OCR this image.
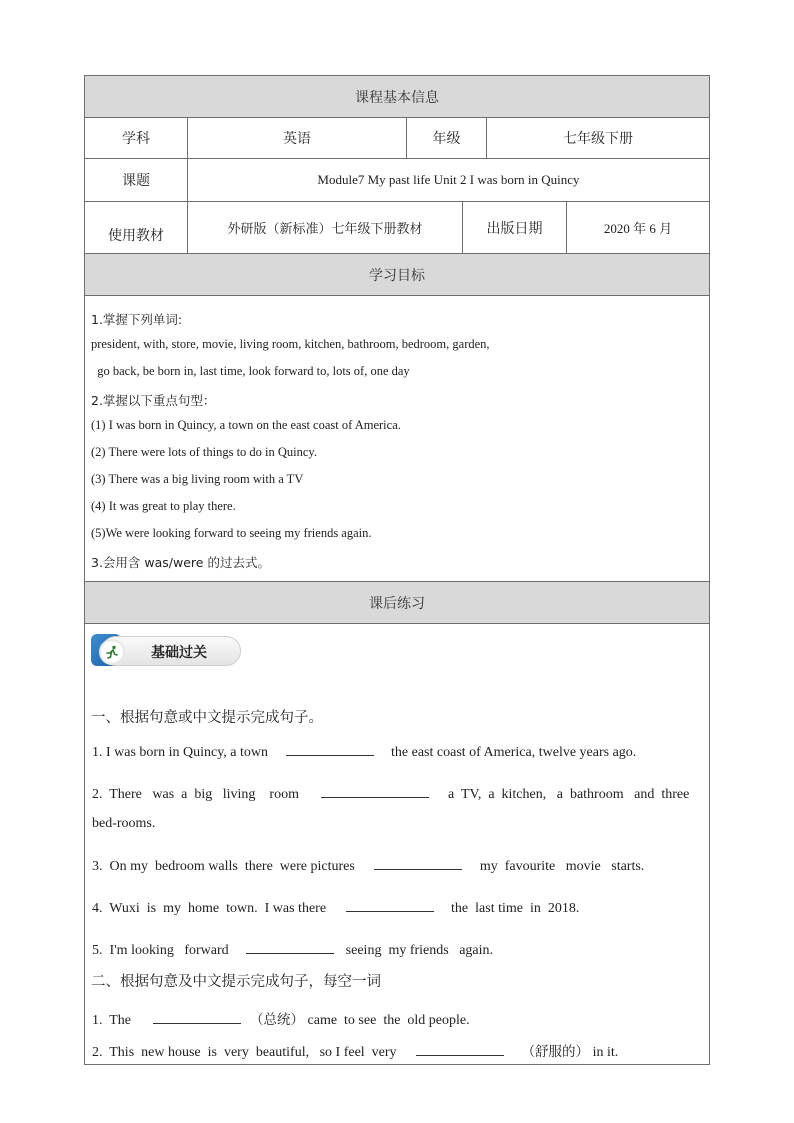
课程基本信息
学科	英语	年级	七年级下册
课题	Module7 My past life Unit 2 I was born in Quincy
使用教材	外研版（新标准）七年级下册教材	出版日期	2020 年 6 月
学习目标
1.掌握下列单词:
president, with, store, movie, living room, kitchen, bathroom, bedroom, garden,
go back, be born in, last time, look forward to, lots of, one day
2.掌握以下重点句型：
(1) I was born in Quincy, a town on the east coast of America.
(2) There were lots of things to do in Quincy.
(3) There was a big living room with a TV
(4) It was great to play there.
(5)We were looking forward to seeing my friends again.
3.会用含 was/were 的过去式。
课后练习
基础过关
一、根据句意或中文提示完成句子。
1. I was born in Quincy, a town	the east coast of America, twelve years ago.
2.  There   was  a  big   living    room	a  TV,  a  kitchen,   a  bathroom   and  three
bed-rooms.
3.  On my  bedroom walls  there  were pictures	my  favourite   movie   starts.
4.  Wuxi  is  my  home  town.  I was there	the  last time  in  2018.
5.  I'm looking   forward	seeing  my friends   again.
二、根据句意及中文提示完成句子，每空一词
1.  The	（总统） came  to see  the  old people.
2.  This  new house  is  very  beautiful,   so I feel  very	（舒服的） in it.
